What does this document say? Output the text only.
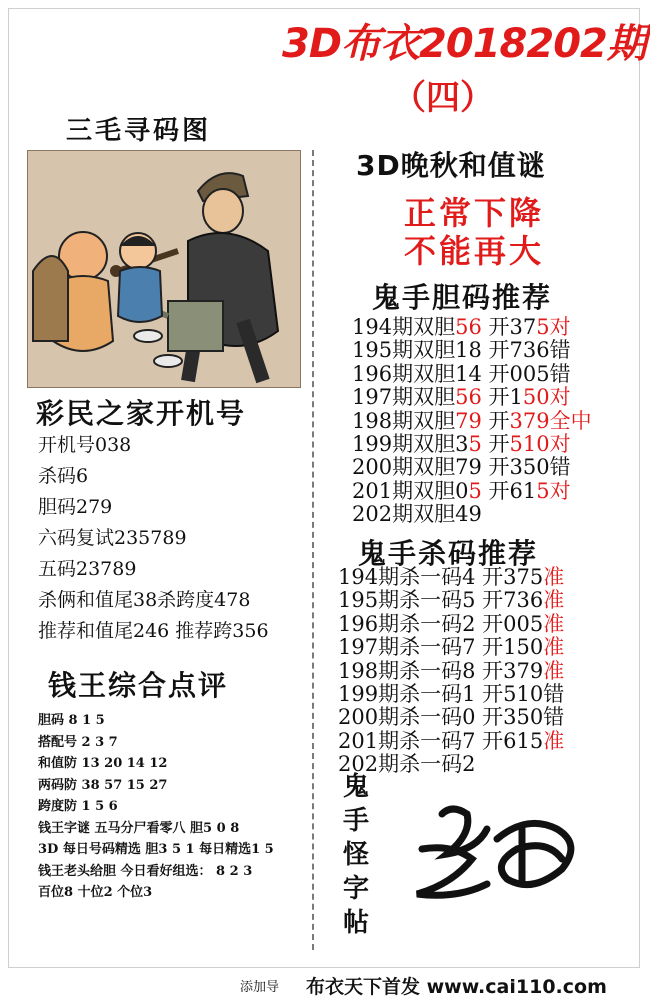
3D布衣2018202期
（四）
三毛寻码图
彩民之家开机号
开机号038
杀码6
胆码279
六码复试235789
五码23789
杀俩和值尾38杀跨度478
推荐和值尾246 推荐跨356
钱王综合点评
胆码 8 1 5
搭配号 2 3 7
和值防 13 20 14 12
两码防 38 57 15 27
跨度防 1 5 6
钱王字谜 五马分尸看零八 胆5 0 8
3D 每日号码精选 胆3 5 1 每日精选1 5
钱王老头给胆 今日看好组选： 8 2 3
百位8 十位2 个位3
3D晚秋和值谜
正常下降
不能再大
鬼手胆码推荐
194期双胆56 开375对
195期双胆18 开736错
196期双胆14 开005错
197期双胆56 开150对
198期双胆79 开379全中
199期双胆35 开510对
200期双胆79 开350错
201期双胆05 开615对
202期双胆49
鬼手杀码推荐
194期杀一码4 开375准
195期杀一码5 开736准
196期杀一码2 开005准
197期杀一码7 开150准
198期杀一码8 开379准
199期杀一码1 开510错
200期杀一码0 开350错
201期杀一码7 开615准
202期杀一码2
鬼
手
怪
字
帖
添加导 布衣天下首发 www.cai110.com
